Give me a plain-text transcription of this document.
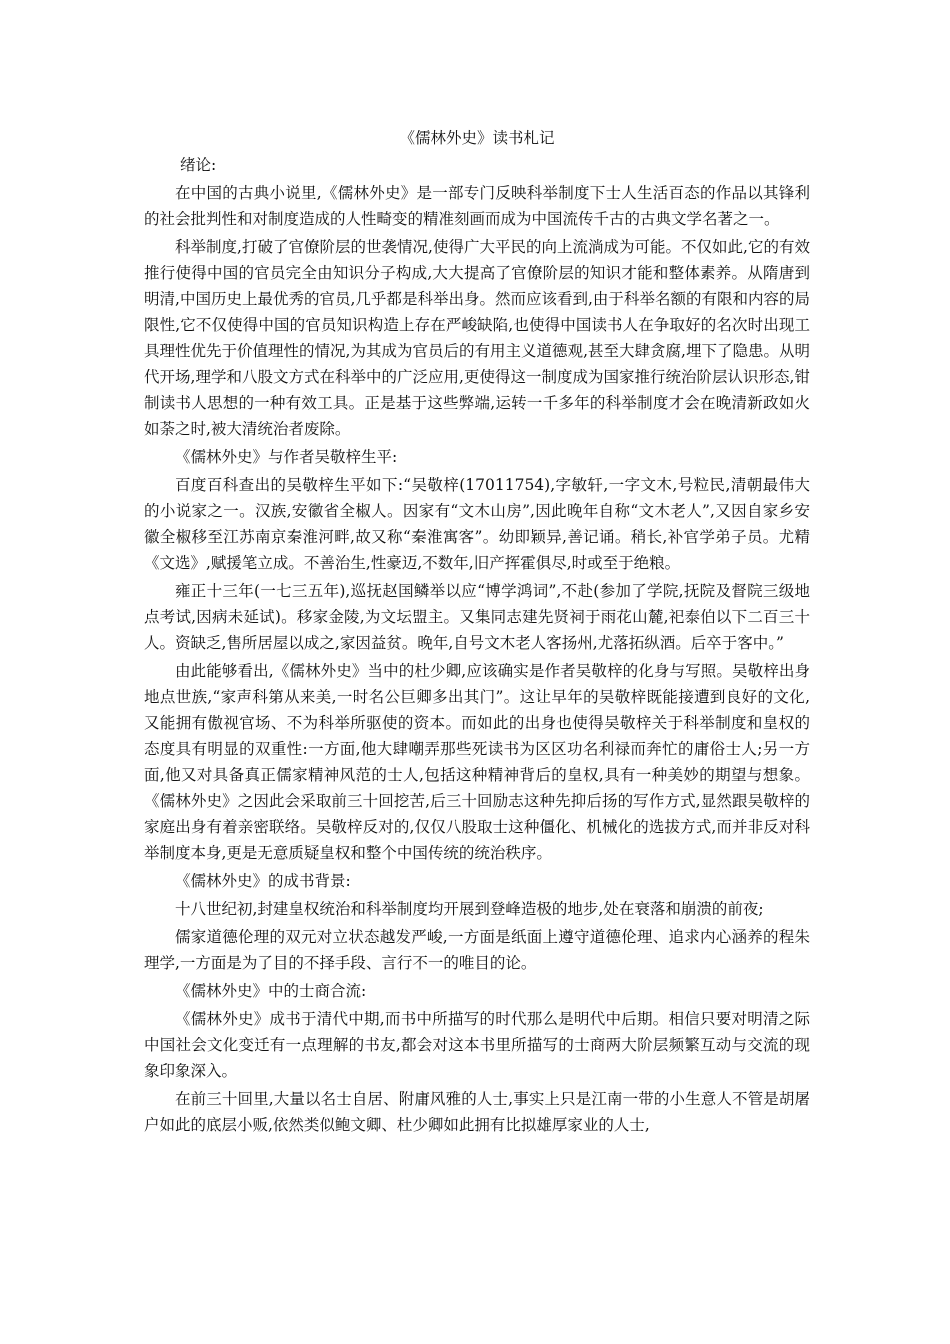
《儒林外史》读书札记
绪论:

在中国的古典小说里,《儒林外史》是一部专门反映科举制度下士人生活百态的作品以其锋利的社会批判性和对制度造成的人性畸变的精准刻画而成为中国流传千古的古典文学名著之一。

科举制度,打破了官僚阶层的世袭情况,使得广大平民的向上流淌成为可能。不仅如此,它的有效推行使得中国的官员完全由知识分子构成,大大提高了官僚阶层的知识才能和整体素养。从隋唐到明清,中国历史上最优秀的官员,几乎都是科举出身。然而应该看到,由于科举名额的有限和内容的局限性,它不仅使得中国的官员知识构造上存在严峻缺陷,也使得中国读书人在争取好的名次时出现工具理性优先于价值理性的情况,为其成为官员后的有用主义道德观,甚至大肆贪腐,埋下了隐患。从明代开场,理学和八股文方式在科举中的广泛应用,更使得这一制度成为国家推行统治阶层认识形态,钳制读书人思想的一种有效工具。正是基于这些弊端,运转一千多年的科举制度才会在晚清新政如火如荼之时,被大清统治者废除。

《儒林外史》与作者吴敬梓生平:

百度百科查出的吴敬梓生平如下:“吴敬梓(17011754),字敏轩,一字文木,号粒民,清朝最伟大的小说家之一。汉族,安徽省全椒人。因家有“文木山房”,因此晚年自称“文木老人”,又因自家乡安徽全椒移至江苏南京秦淮河畔,故又称“秦淮寓客”。幼即颖异,善记诵。稍长,补官学弟子员。尤精《文选》,赋援笔立成。不善治生,性豪迈,不数年,旧产挥霍俱尽,时或至于绝粮。

雍正十三年(一七三五年),巡抚赵国鳞举以应“博学鸿词”,不赴(参加了学院,抚院及督院三级地点考试,因病未延试)。移家金陵,为文坛盟主。又集同志建先贤祠于雨花山麓,祀泰伯以下二百三十人。资缺乏,售所居屋以成之,家因益贫。晚年,自号文木老人客扬州,尤落拓纵酒。后卒于客中。”

由此能够看出,《儒林外史》当中的杜少卿,应该确实是作者吴敬梓的化身与写照。吴敬梓出身地点世族,“家声科第从来美,一时名公巨卿多出其门”。这让早年的吴敬梓既能接遭到良好的文化,又能拥有傲视官场、不为科举所驱使的资本。而如此的出身也使得吴敬梓关于科举制度和皇权的态度具有明显的双重性:一方面,他大肆嘲弄那些死读书为区区功名利禄而奔忙的庸俗士人;另一方面,他又对具备真正儒家精神风范的士人,包括这种精神背后的皇权,具有一种美妙的期望与想象。《儒林外史》之因此会采取前三十回挖苦,后三十回励志这种先抑后扬的写作方式,显然跟吴敬梓的家庭出身有着亲密联络。吴敬梓反对的,仅仅八股取士这种僵化、机械化的选拔方式,而并非反对科举制度本身,更是无意质疑皇权和整个中国传统的统治秩序。

《儒林外史》的成书背景:

十八世纪初,封建皇权统治和科举制度均开展到登峰造极的地步,处在衰落和崩溃的前夜;

儒家道德伦理的双元对立状态越发严峻,一方面是纸面上遵守道德伦理、追求内心涵养的程朱理学,一方面是为了目的不择手段、言行不一的唯目的论。

《儒林外史》中的士商合流:

《儒林外史》成书于清代中期,而书中所描写的时代那么是明代中后期。相信只要对明清之际中国社会文化变迁有一点理解的书友,都会对这本书里所描写的士商两大阶层频繁互动与交流的现象印象深入。

在前三十回里,大量以名士自居、附庸风雅的人士,事实上只是江南一带的小生意人不管是胡屠户如此的底层小贩,依然类似鲍文卿、杜少卿如此拥有比拟雄厚家业的人士,
